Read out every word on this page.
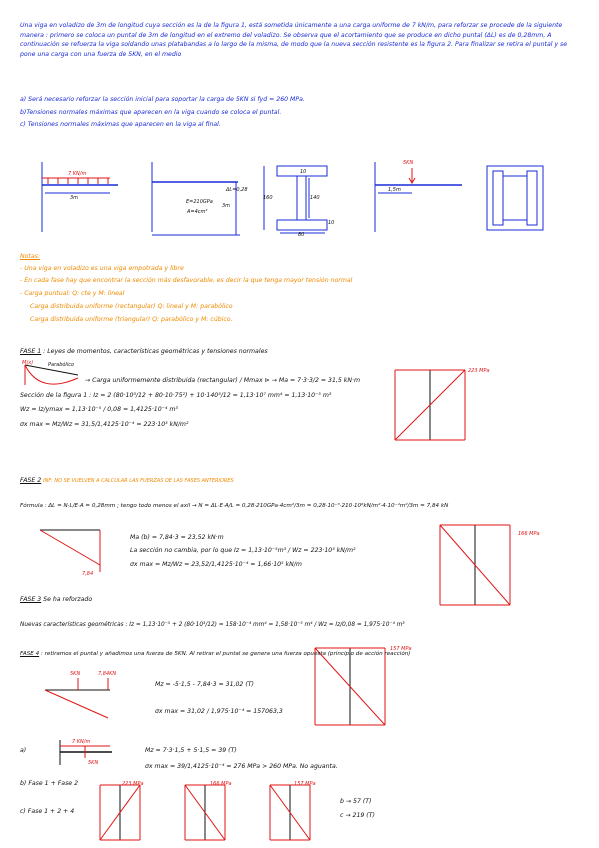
Una viga en voladizo de 3m de longitud cuya sección es la de la figura 1, está sometida únicamente a una carga uniforme de 7 kN/m, para reforzar se procede de la siguiente manera : primero se coloca un puntal de 3m de longitud en el extremo del voladizo. Se observa que el acortamiento que se produce en dicho puntal (ΔL) es de 0,28mm, A continuación se refuerza la viga soldando unas platabandas a lo largo de la misma, de modo que la nueva sección resistente es la figura 2. Para finalizar se retira el puntal y se pone una carga con una fuerza de 5KN, en el medio
a) Será necesario reforzar la sección inicial para soportar la carga de 5KN si fyd = 260 MPa.
b)Tensiones normales máximas que aparecen en la viga cuando se coloca el puntal.
c) Tensiones normales máximas que aparecen en la viga al final.
7 KN/m
3m
ΔL=0,28
E=210GPa
3m
A=4cm²
160	140
10
80
10
5KN
1,5m
Notas:
- Una viga en voladizo es una viga empotrada y libre
- En cada fase hay que encontrar la sección más desfavorable, es decir la que tenga mayor tensión normal
- Carga puntual: Q: cte y M: lineal
Carga distribuida uniforme (rectangular) Q: lineal y M: parabólico
Carga distribuida uniforme (triangular) Q: parabólico y M: cúbico.
FASE 1 : Leyes de momentos, características geométricas y tensiones normales
M(x)	Parabólico
→ Carga uniformemente distribuida (rectangular) / Mmax ⊳ → Ma = 7·3·3/2 = 31,5 kN·m
Sección de la figura 1 : Iz = 2 (80·10³/12 + 80·10·75²) + 10·140³/12 = 1,13·10⁷ mm⁴ = 1,13·10⁻⁵ m³
Wz = Iz/ymax = 1,13·10⁻⁵ / 0,08 = 1,4125·10⁻⁴ m³
σx max = Mz/Wz = 31,5/1,4125·10⁻⁴ = 223·10³ kN/m²
223 MPa
FASE 2 INF: NO SE VUELVEN A CALCULAR LAS FUERZAS DE LAS FASES ANTERIORES
Fórmula : ΔL = N·L/E·A = 0,28mm ; tengo todo menos el axil → N = ΔL·E·A/L = 0,28·210GPa·4cm²/3m = 0,28·10⁻³·210·10⁶kN/m²·4·10⁻⁴m²/3m = 7,84 kN
Ma (b) = 7,84·3 = 23,52 kN·m
La sección no cambia, por lo que Iz = 1,13·10⁻⁵m³ / Wz = 223·10³ kN/m²
σx max = Mz/Wz = 23,52/1,4125·10⁻⁴ = 1,66·10⁵ kN/m
7,84
166 MPa
FASE 3 Se ha reforzado
Nuevas características geométricas : Iz = 1,13·10⁻⁵ + 2 (80·10³/12) = 158·10⁻⁴ mm⁴ = 1,58·10⁻⁵ m⁴ / Wz = Iz/0,08 = 1,975·10⁻⁴ m³
FASE 4 : retiramos el puntal y añadimos una fuerza de 5KN. Al retirar el puntal se genera una fuerza opuesta (principio de acción reacción)
5KN	7,84KN
Mz = -5·1,5 - 7,84·3 = 31,02 (T)
σx max = 31,02 / 1,975·10⁻⁴ = 157063,3
157 MPa
a)
7 KN/m
5KN
Mz = 7·3·1,5 + 5·1,5 = 39 (T)
σx max = 39/1,4125·10⁻⁴ = 276 MPa > 260 MPa. No aguanta.
b) Fase 1 + Fase 2
c) Fase 1 + 2 + 4
223 MPa	166 MPa	157 MPa
b → 57 (T)
c → 219 (T)
